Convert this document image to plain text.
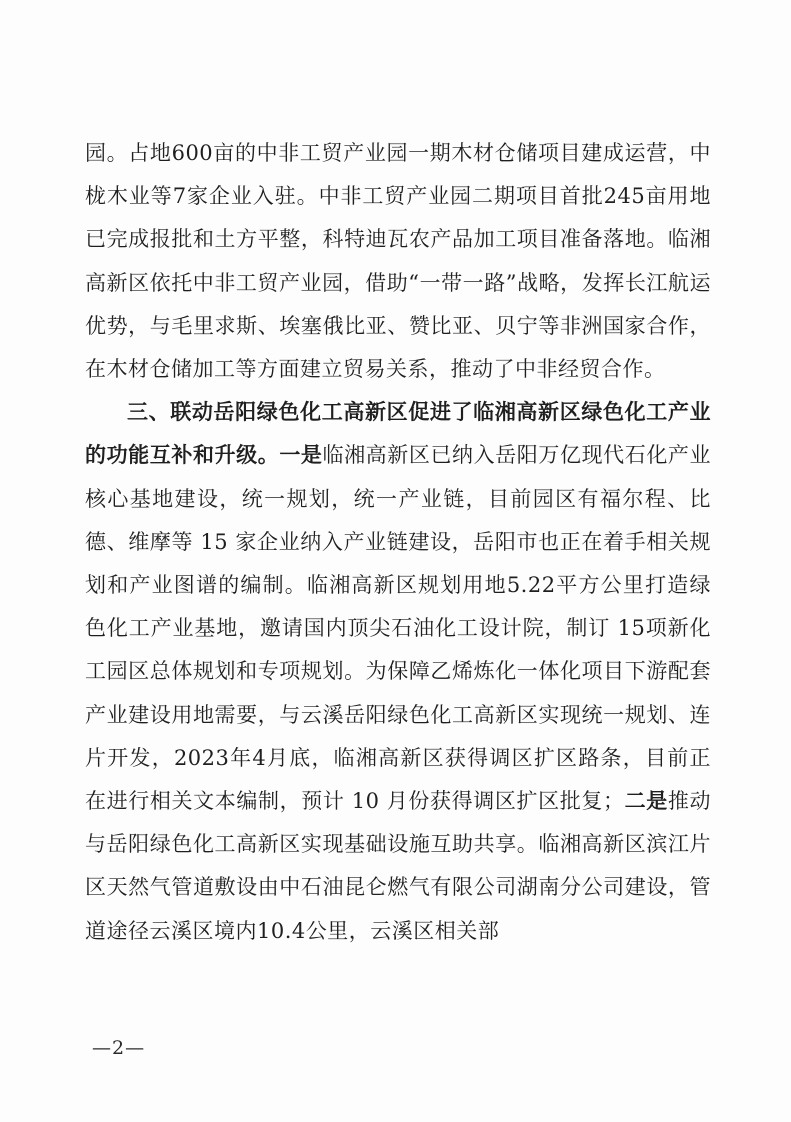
园。占地600亩的中非工贸产业园一期木材仓储项目建成运营，中栊木业等7家企业入驻。中非工贸产业园二期项目首批245亩用地已完成报批和土方平整，科特迪瓦农产品加工项目准备落地。临湘高新区依托中非工贸产业园，借助“一带一路”战略，发挥长江航运优势，与毛里求斯、埃塞俄比亚、赞比亚、贝宁等非洲国家合作，在木材仓储加工等方面建立贸易关系，推动了中非经贸合作。

三、联动岳阳绿色化工高新区促进了临湘高新区绿色化工产业的功能互补和升级。一是临湘高新区已纳入岳阳万亿现代石化产业核心基地建设，统一规划，统一产业链，目前园区有福尔程、比德、维摩等 15 家企业纳入产业链建设，岳阳市也正在着手相关规划和产业图谱的编制。临湘高新区规划用地5.22平方公里打造绿色化工产业基地，邀请国内顶尖石油化工设计院，制订 15项新化工园区总体规划和专项规划。为保障乙烯炼化一体化项目下游配套产业建设用地需要，与云溪岳阳绿色化工高新区实现统一规划、连片开发，2023年4月底，临湘高新区获得调区扩区路条，目前正在进行相关文本编制，预计 10 月份获得调区扩区批复；二是推动与岳阳绿色化工高新区实现基础设施互助共享。临湘高新区滨江片区天然气管道敷设由中石油昆仑燃气有限公司湖南分公司建设，管道途径云溪区境内10.4公里，云溪区相关部

—2—
